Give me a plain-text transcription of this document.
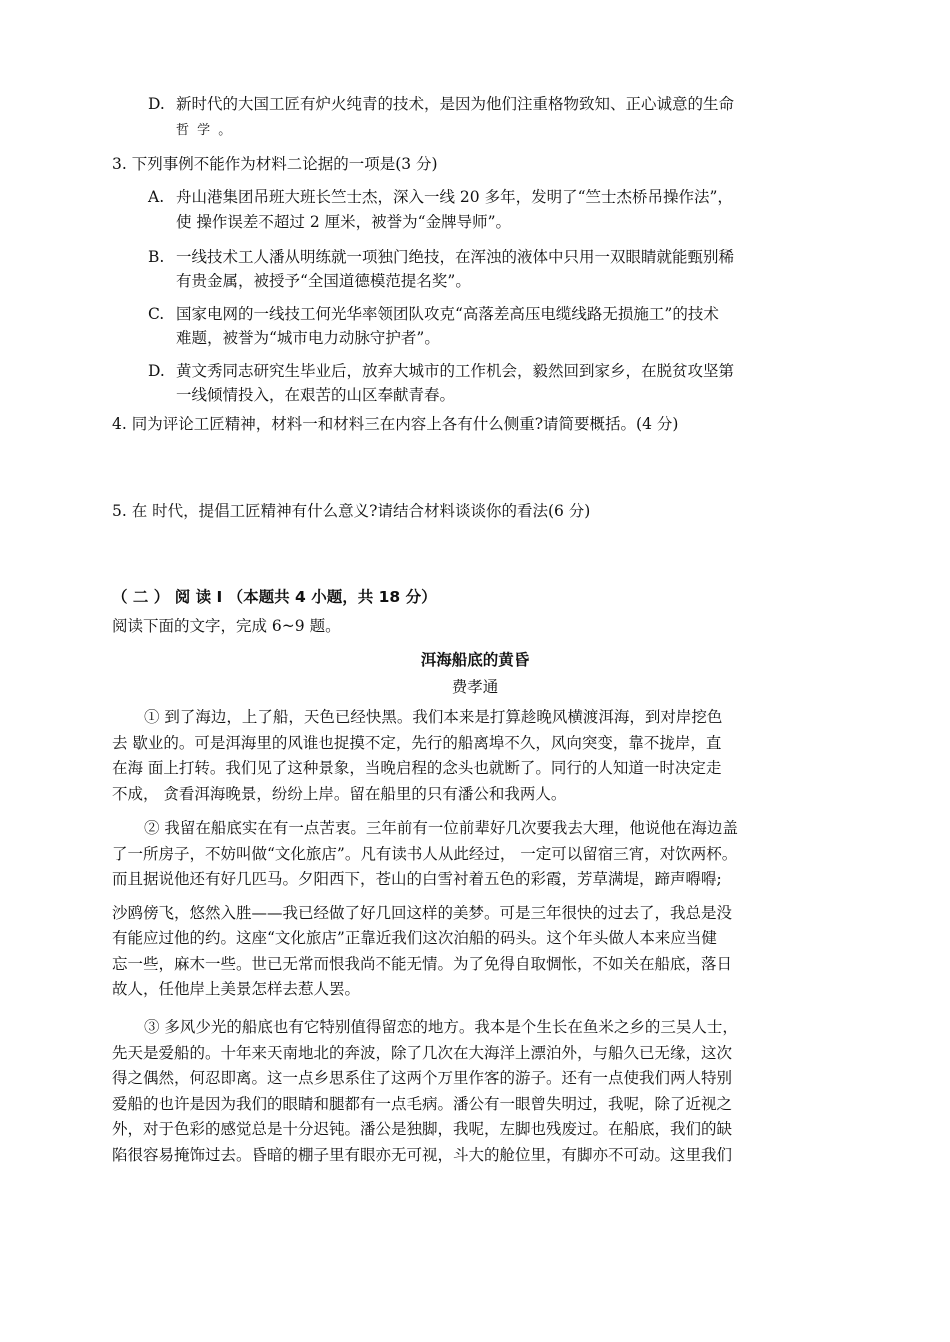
D. 新时代的大国工匠有炉火纯青的技术，是因为他们注重格物致知、正心诚意的生命
哲 学 。
3. 下列事例不能作为材料二论据的一项是(3 分)
A. 舟山港集团吊班大班长竺士杰，深入一线 20 多年，发明了“竺士杰桥吊操作法”，
使 操作误差不超过 2 厘米，被誉为“金牌导师”。
B. 一线技术工人潘从明练就一项独门绝技，在浑浊的液体中只用一双眼睛就能甄别稀
有贵金属，被授予“全国道德模范提名奖”。
C. 国家电网的一线技工何光华率领团队攻克“高落差高压电缆线路无损施工”的技术
难题，被誉为“城市电力动脉守护者”。
D. 黄文秀同志研究生毕业后，放弃大城市的工作机会，毅然回到家乡，在脱贫攻坚第
一线倾情投入，在艰苦的山区奉献青春。
4. 同为评论工匠精神，材料一和材料三在内容上各有什么侧重?请简要概括。(4 分)
5. 在 时代，提倡工匠精神有什么意义?请结合材料谈谈你的看法(6 分)
（ 二 ） 阅 读 I （本题共 4 小题，共 18 分）
阅读下面的文字，完成 6~9 题。
洱海船底的黄昏
费孝通
① 到了海边，上了船，天色已经快黑。我们本来是打算趁晚风横渡洱海，到对岸挖色
去 歇业的。可是洱海里的风谁也捉摸不定，先行的船离埠不久，风向突变，靠不拢岸，直
在海 面上打转。我们见了这种景象，当晚启程的念头也就断了。同行的人知道一时决定走
不成， 贪看洱海晚景，纷纷上岸。留在船里的只有潘公和我两人。
② 我留在船底实在有一点苦衷。三年前有一位前辈好几次要我去大理，他说他在海边盖
了一所房子，不妨叫做“文化旅店”。凡有读书人从此经过， 一定可以留宿三宵，对饮两杯。
而且据说他还有好几匹马。夕阳西下，苍山的白雪衬着五色的彩霞，芳草满堤，蹄声嘚嘚;
沙鸥傍飞，悠然入胜——我已经做了好几回这样的美梦。可是三年很快的过去了，我总是没
有能应过他的约。这座“文化旅店”正靠近我们这次泊船的码头。这个年头做人本来应当健
忘一些，麻木一些。世已无常而恨我尚不能无情。为了免得自取惆怅，不如关在船底，落日
故人，任他岸上美景怎样去惹人罢。
③ 多风少光的船底也有它特别值得留恋的地方。我本是个生长在鱼米之乡的三吴人士，
先天是爱船的。十年来天南地北的奔波，除了几次在大海洋上漂泊外，与船久已无缘，这次
得之偶然，何忍即离。这一点乡思系住了这两个万里作客的游子。还有一点使我们两人特别
爱船的也许是因为我们的眼睛和腿都有一点毛病。潘公有一眼曾失明过，我呢，除了近视之
外，对于色彩的感觉总是十分迟钝。潘公是独脚，我呢，左脚也残废过。在船底，我们的缺
陷很容易掩饰过去。昏暗的棚子里有眼亦无可视，斗大的舱位里，有脚亦不可动。这里我们
